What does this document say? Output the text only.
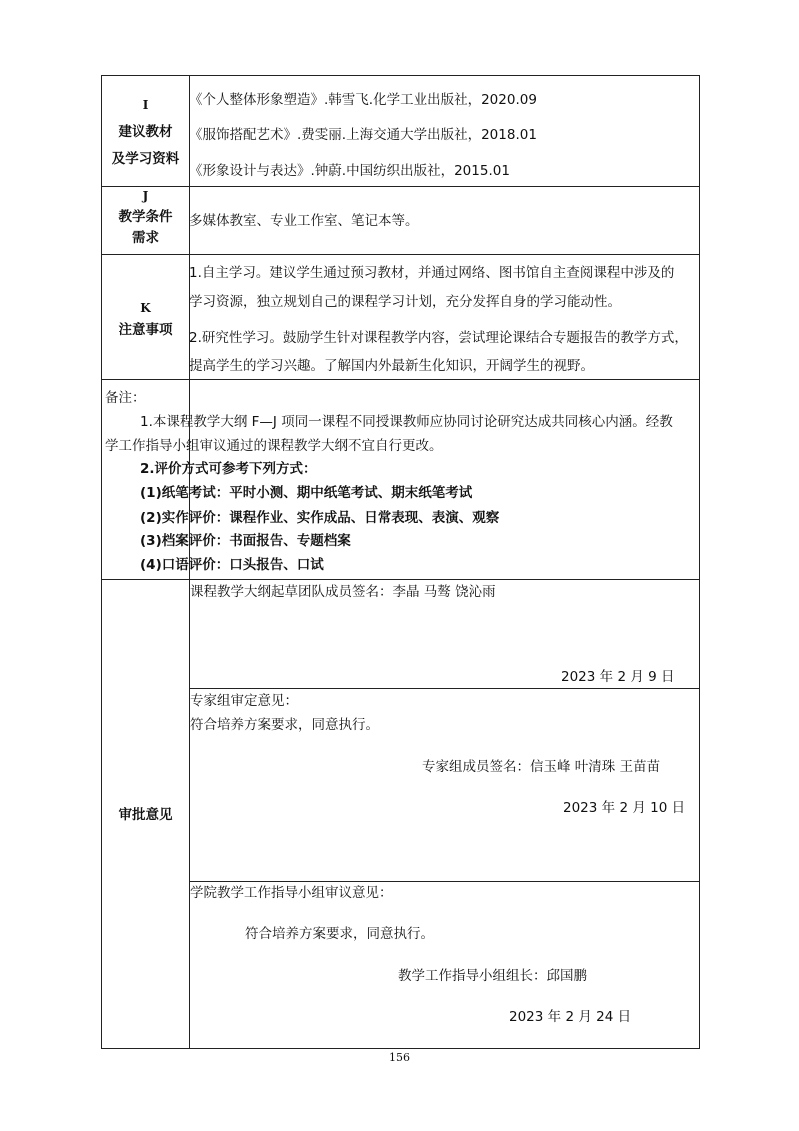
I
建议教材
及学习资料
《个人整体形象塑造》.韩雪飞.化学工业出版社，2020.09
《服饰搭配艺术》.费雯丽.上海交通大学出版社，2018.01
《形象设计与表达》.钟蔚.中国纺织出版社，2015.01
J
教学条件
需求
多媒体教室、专业工作室、笔记本等。
K
注意事项
1.自主学习。建议学生通过预习教材，并通过网络、图书馆自主查阅课程中涉及的
学习资源，独立规划自己的课程学习计划，充分发挥自身的学习能动性。
2.研究性学习。鼓励学生针对课程教学内容，尝试理论课结合专题报告的教学方式，
提高学生的学习兴趣。了解国内外最新生化知识，开阔学生的视野。
备注：
1.本课程教学大纲 F—J 项同一课程不同授课教师应协同讨论研究达成共同核心内涵。经教
学工作指导小组审议通过的课程教学大纲不宜自行更改。
2.评价方式可参考下列方式：
(1)纸笔考试：平时小测、期中纸笔考试、期末纸笔考试
(2)实作评价：课程作业、实作成品、日常表现、表演、观察
(3)档案评价：书面报告、专题档案
(4)口语评价：口头报告、口试
审批意见
课程教学大纲起草团队成员签名：李晶 马骜 饶沁雨
2023 年 2 月 9 日
专家组审定意见：
符合培养方案要求，同意执行。
专家组成员签名：信玉峰 叶清珠 王苗苗
2023 年 2 月 10 日
学院教学工作指导小组审议意见：
符合培养方案要求，同意执行。
教学工作指导小组组长：邱国鹏
2023 年 2 月 24 日
156
